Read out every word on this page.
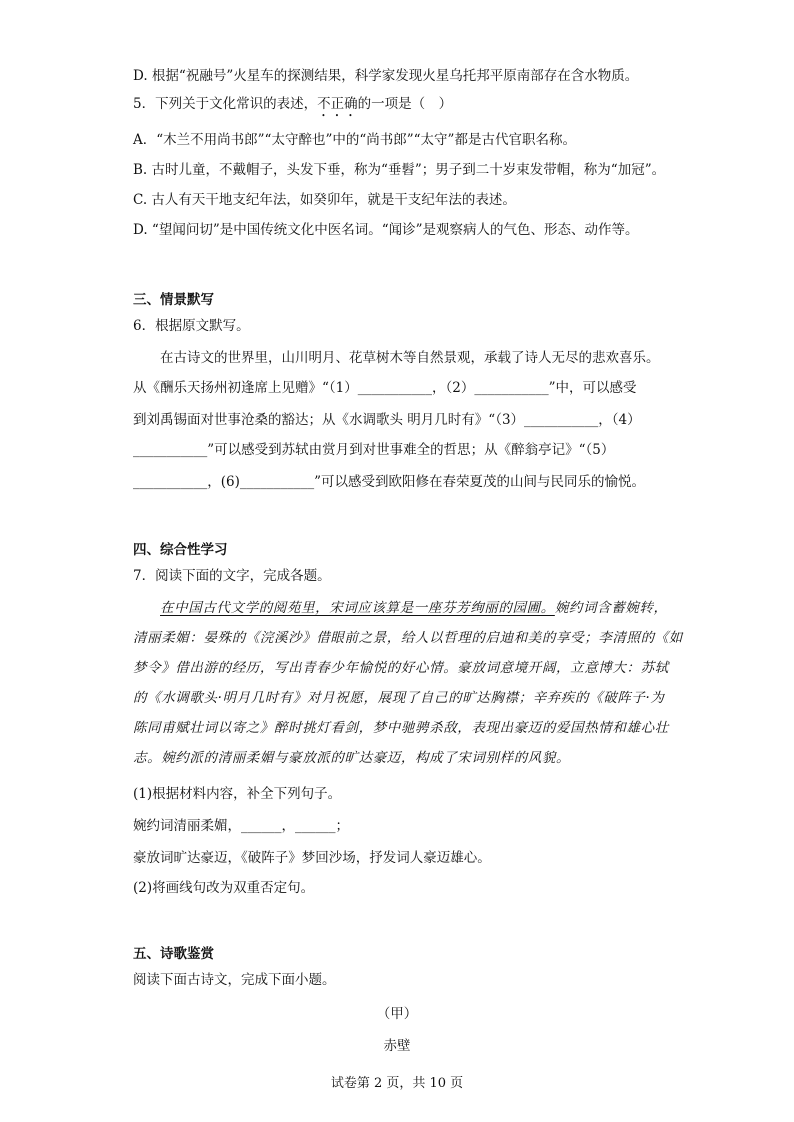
D. 根据“祝融号”火星车的探测结果，科学家发现火星乌托邦平原南部存在含水物质。
5．下列关于文化常识的表述，不正确的一项是（　）
A．“木兰不用尚书郎”“太守醉也”中的“尚书郎”“太守”都是古代官职名称。
B. 古时儿童，不戴帽子，头发下垂，称为“垂髫”；男子到二十岁束发带帽，称为“加冠”。
C. 古人有天干地支纪年法，如癸卯年，就是干支纪年法的表述。
D. “望闻问切”是中国传统文化中医名词。“闻诊”是观察病人的气色、形态、动作等。
三、情景默写
6．根据原文默写。
在古诗文的世界里，山川明月、花草树木等自然景观，承载了诗人无尽的悲欢喜乐。
从《酬乐天扬州初逢席上见赠》“（1）___________，（2）___________”中，可以感受
到刘禹锡面对世事沧桑的豁达；从《水调歌头 明月几时有》“（3）___________，（4）
___________”可以感受到苏轼由赏月到对世事难全的哲思；从《醉翁亭记》“（5）
___________，(6)___________”可以感受到欧阳修在春荣夏茂的山间与民同乐的愉悦。
四、综合性学习
7．阅读下面的文字，完成各题。
在中国古代文学的阅苑里，宋词应该算是一座芬芳绚丽的园圃。婉约词含蓄婉转，
清丽柔媚：晏殊的《浣溪沙》借眼前之景，给人以哲理的启迪和美的享受；李清照的《如
梦令》借出游的经历，写出青春少年愉悦的好心情。豪放词意境开阔，立意博大：苏轼
的《水调歌头·明月几时有》对月祝愿，展现了自己的旷达胸襟；辛弃疾的《破阵子·为
陈同甫赋壮词以寄之》醉时挑灯看剑，梦中驰骋杀敌，表现出豪迈的爱国热情和雄心壮
志。婉约派的清丽柔媚与豪放派的旷达豪迈，构成了宋词别样的风貌。
(1)根据材料内容，补全下列句子。
婉约词清丽柔媚，______，______；
豪放词旷达豪迈，《破阵子》梦回沙场，抒发词人豪迈雄心。
(2)将画线句改为双重否定句。
五、诗歌鉴赏
阅读下面古诗文，完成下面小题。
（甲）
赤壁
试卷第 2 页，共 10 页
